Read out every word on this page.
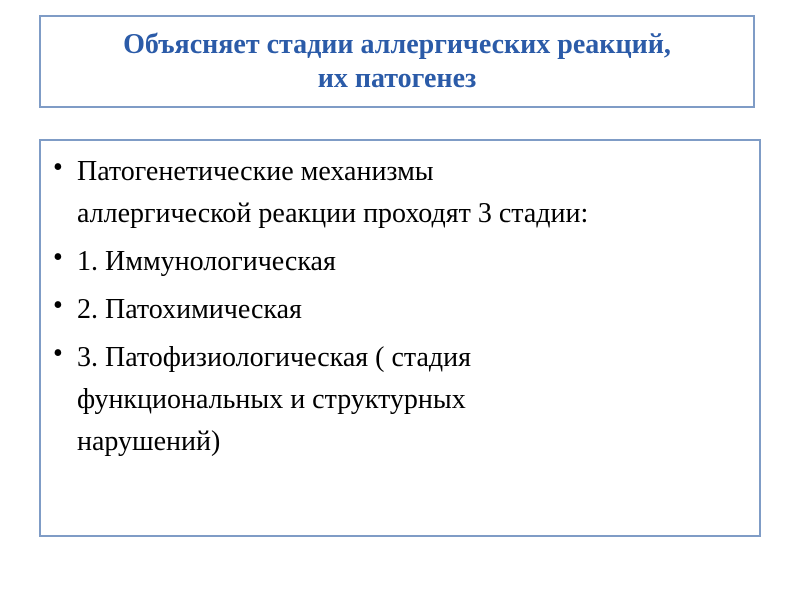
Объясняет стадии аллергических реакций,
их патогенез
• Патогенетические механизмы
аллергической реакции проходят 3 стадии:
• 1. Иммунологическая
• 2. Патохимическая
• 3. Патофизиологическая ( стадия
функциональных и структурных
нарушений)
